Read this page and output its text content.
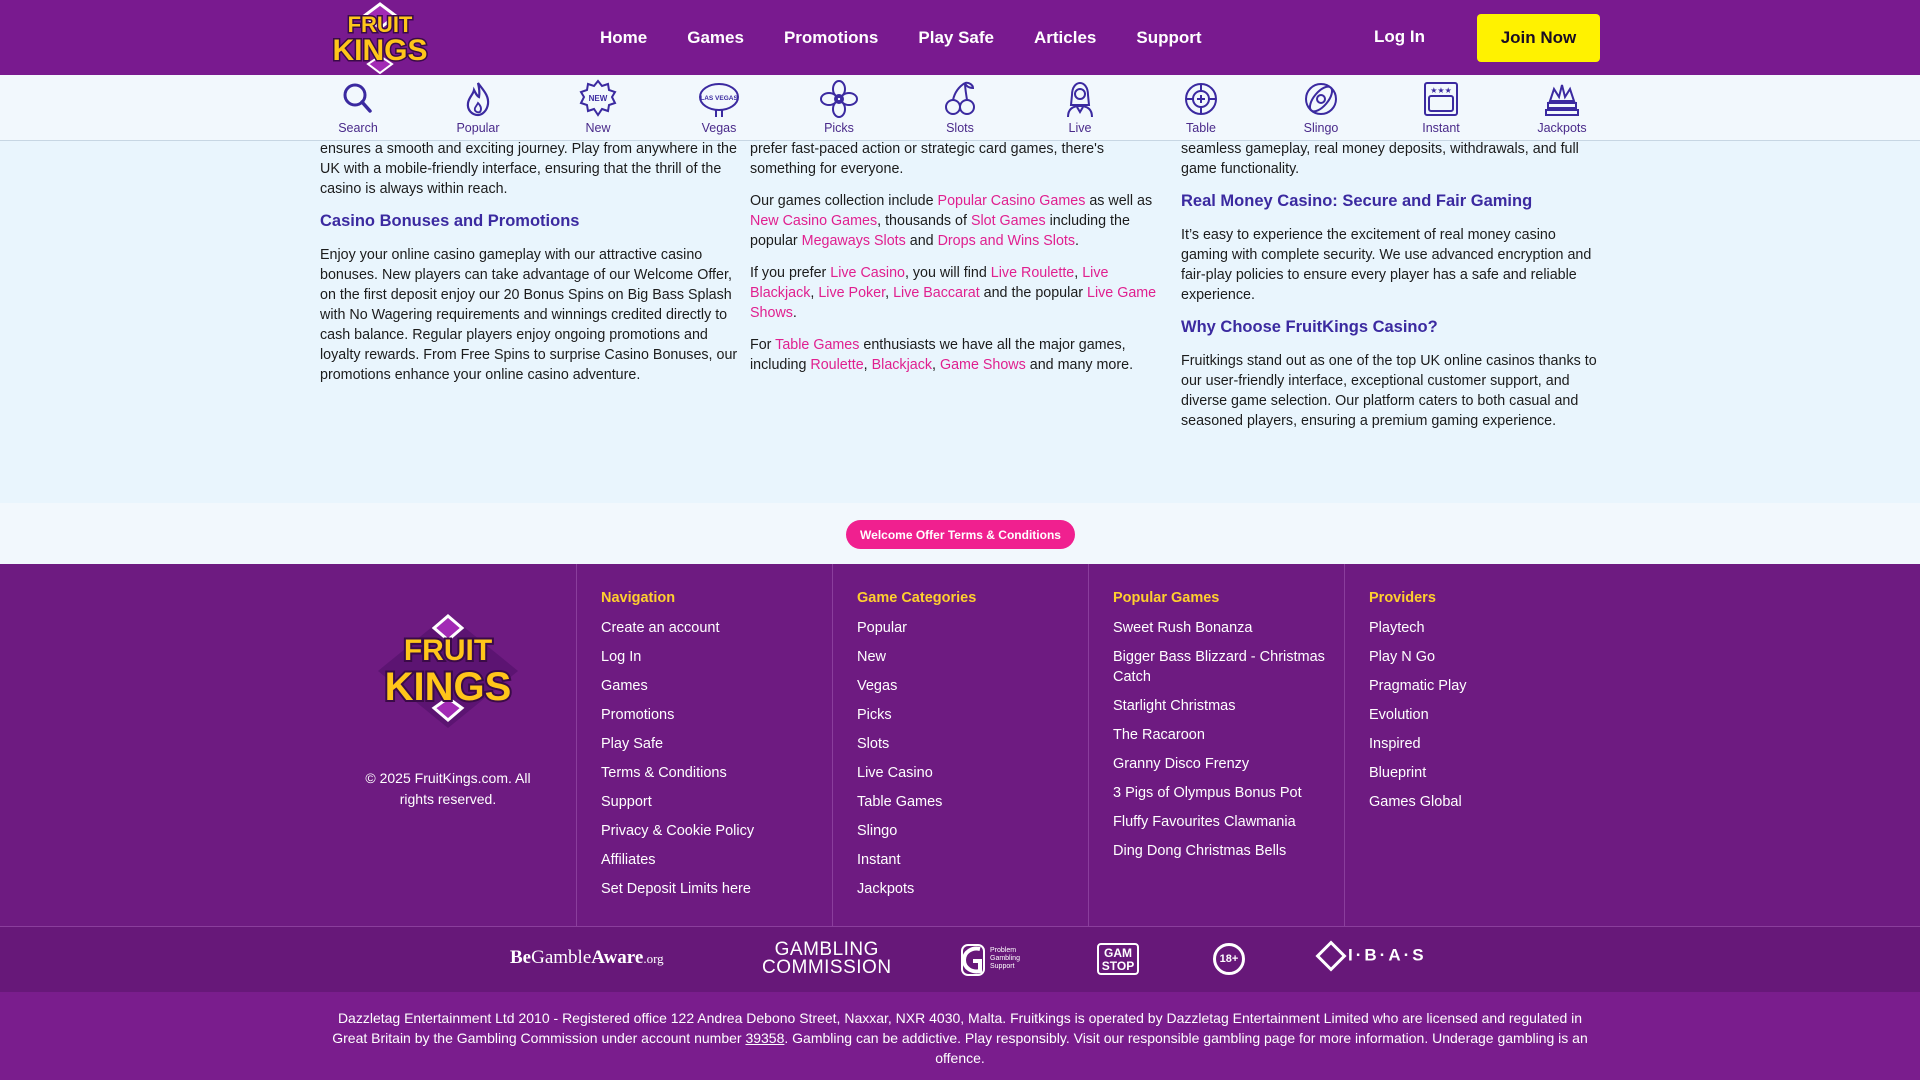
FRUIT
KINGS	Home Games Promotions Play Safe Articles Support	Log In	Join Now
Search	Popular
NEW
New
LAS VEGAS
Vegas	Picks	Slots	Live	Table	Slingo
★★★
Instant	Jackpots

ensures a smooth and exciting journey. Play from anywhere in the UK with a mobile-friendly interface, ensuring that the thrill of the casino is always within reach.

Casino Bonuses and Promotions

Enjoy your online casino gameplay with our attractive casino bonuses. New players can take advantage of our Welcome Offer, on the first deposit enjoy our 20 Bonus Spins on Big Bass Splash with No Wagering requirements and winnings credited directly to cash balance. Regular players enjoy ongoing promotions and loyalty rewards. From Free Spins to surprise Casino Bonuses, our promotions enhance your online casino adventure.

prefer fast-paced action or strategic card games, there's something for everyone.

Our games collection include Popular Casino Games as well as New Casino Games, thousands of Slot Games including the popular Megaways Slots and Drops and Wins Slots.

If you prefer Live Casino, you will find Live Roulette, Live Blackjack, Live Poker, Live Baccarat and the popular Live Game Shows.

For Table Games enthusiasts we have all the major games, including Roulette, Blackjack, Game Shows and many more.

seamless gameplay, real money deposits, withdrawals, and full game functionality.

Real Money Casino: Secure and Fair Gaming

It’s easy to experience the excitement of real money casino gaming with complete security. We use advanced encryption and fair-play policies to ensure every player has a safe and reliable experience.

Why Choose FruitKings Casino?

Fruitkings stand out as one of the top UK online casinos thanks to our user-friendly interface, exceptional customer support, and diverse game selection. Our platform caters to both casual and seasoned players, ensuring a premium gaming experience.

Welcome Offer Terms & Conditions
FRUIT
KINGS
© 2025 FruitKings.com. All rights reserved.
Navigation
Create an account
Log In
Games
Promotions
Play Safe
Terms & Conditions
Support
Privacy & Cookie Policy
Affiliates
Set Deposit Limits here
Game Categories
Popular
New
Vegas
Picks
Slots
Live Casino
Table Games
Slingo
Instant
Jackpots
Popular Games
Sweet Rush Bonanza
Bigger Bass Blizzard - Christmas Catch
Starlight Christmas
The Racaroon
Granny Disco Frenzy
3 Pigs of Olympus Bonus Pot
Fluffy Favourites Clawmania
Ding Dong Christmas Bells
Providers
Playtech
Play N Go
Pragmatic Play
Evolution
Inspired
Blueprint
Games Global
BeGambleAware.org	GAMBLING
COMMISSION
Problem Gambling Support
GAM
STOP	18+	I·B·A·S

Dazzletag Entertainment Ltd 2010 - Registered office 122 Andrea Debono Street, Naxxar, NXR 4030, Malta. Fruitkings is operated by Dazzletag Entertainment Limited who are licensed and regulated in Great Britain by the Gambling Commission under account number 39358. Gambling can be addictive. Play responsibly. Visit our responsible gambling page for more information. Underage gambling is an offence.
